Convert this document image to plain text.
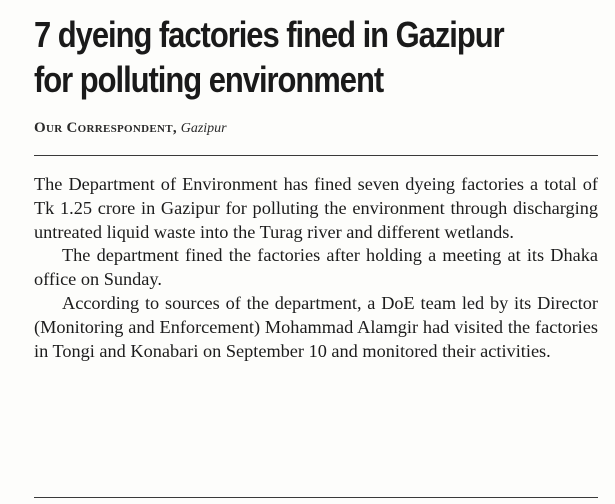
7 dyeing factories fined in Gazipur
for polluting environment
Our Correspondent, Gazipur

The Department of Environment has fined seven dyeing factories a total of Tk 1.25 crore in Gazipur for polluting the environment through discharging untreated liquid waste into the Turag river and different wetlands.

The department fined the factories after holding a meeting at its Dhaka office on Sunday.

According to sources of the department, a DoE team led by its Director (Monitoring and Enforcement) Mohammad Alamgir had visited the factories in Tongi and Konabari on September 10 and monitored their activities.
